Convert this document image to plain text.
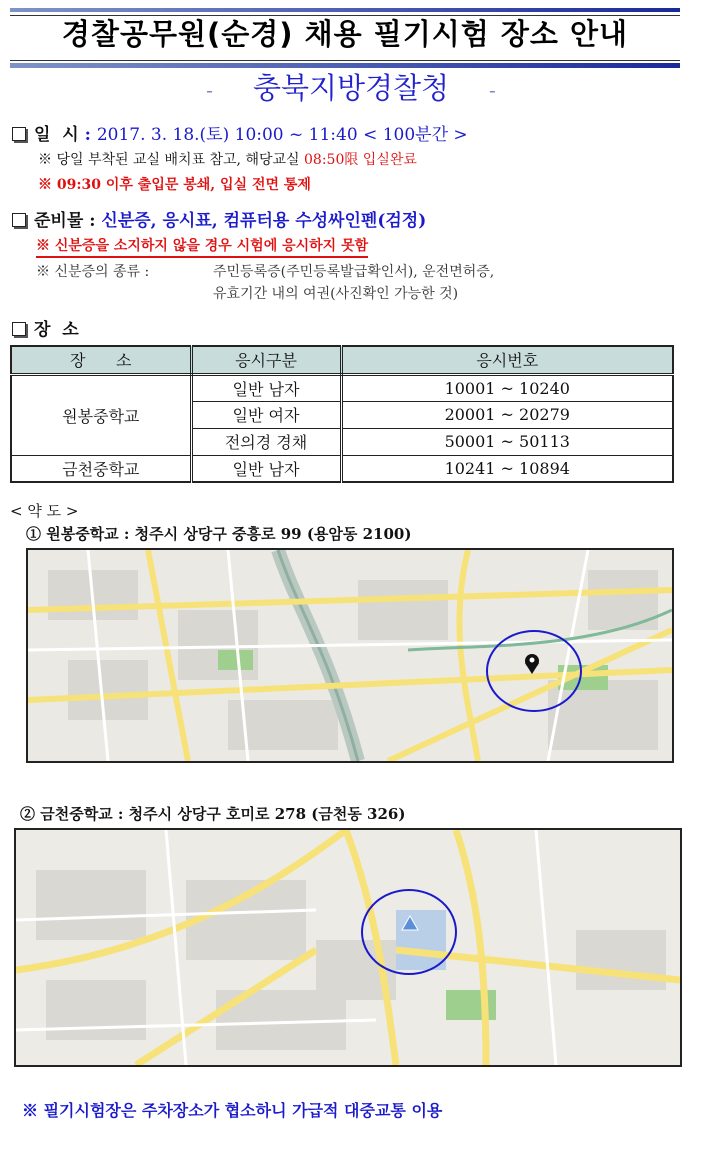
경찰공무원(순경) 채용 필기시험 장소 안내
- 충북지방경찰청 -
일  시 : 2017. 3. 18.(토) 10:00 ~ 11:40 < 100분간 >
※ 당일 부착된 교실 배치표 참고, 해당교실 08:50限 입실완료
※ 09:30 이후 출입문 봉쇄, 입실 전면 통제
준비물 : 신분증, 응시표, 컴퓨터용 수성싸인펜(검정)
※ 신분증을 소지하지 않을 경우 시험에 응시하지 못함
※ 신분증의 종류 :	주민등록증(주민등록발급확인서), 운전면허증,
유효기간 내의 여권(사진확인 가능한 것)
장  소
장      소	응시구분	응시번호
원봉중학교	일반 남자	10001 ~ 10240
	일반 여자	20001 ~ 20279
	전의경 경채	50001 ~ 50113
금천중학교	일반 남자	10241 ~ 10894
< 약 도 >
① 원봉중학교 : 청주시 상당구 중흥로 99 (용암동 2100)
② 금천중학교 : 청주시 상당구 호미로 278 (금천동 326)
※ 필기시험장은 주차장소가 협소하니 가급적 대중교통 이용
